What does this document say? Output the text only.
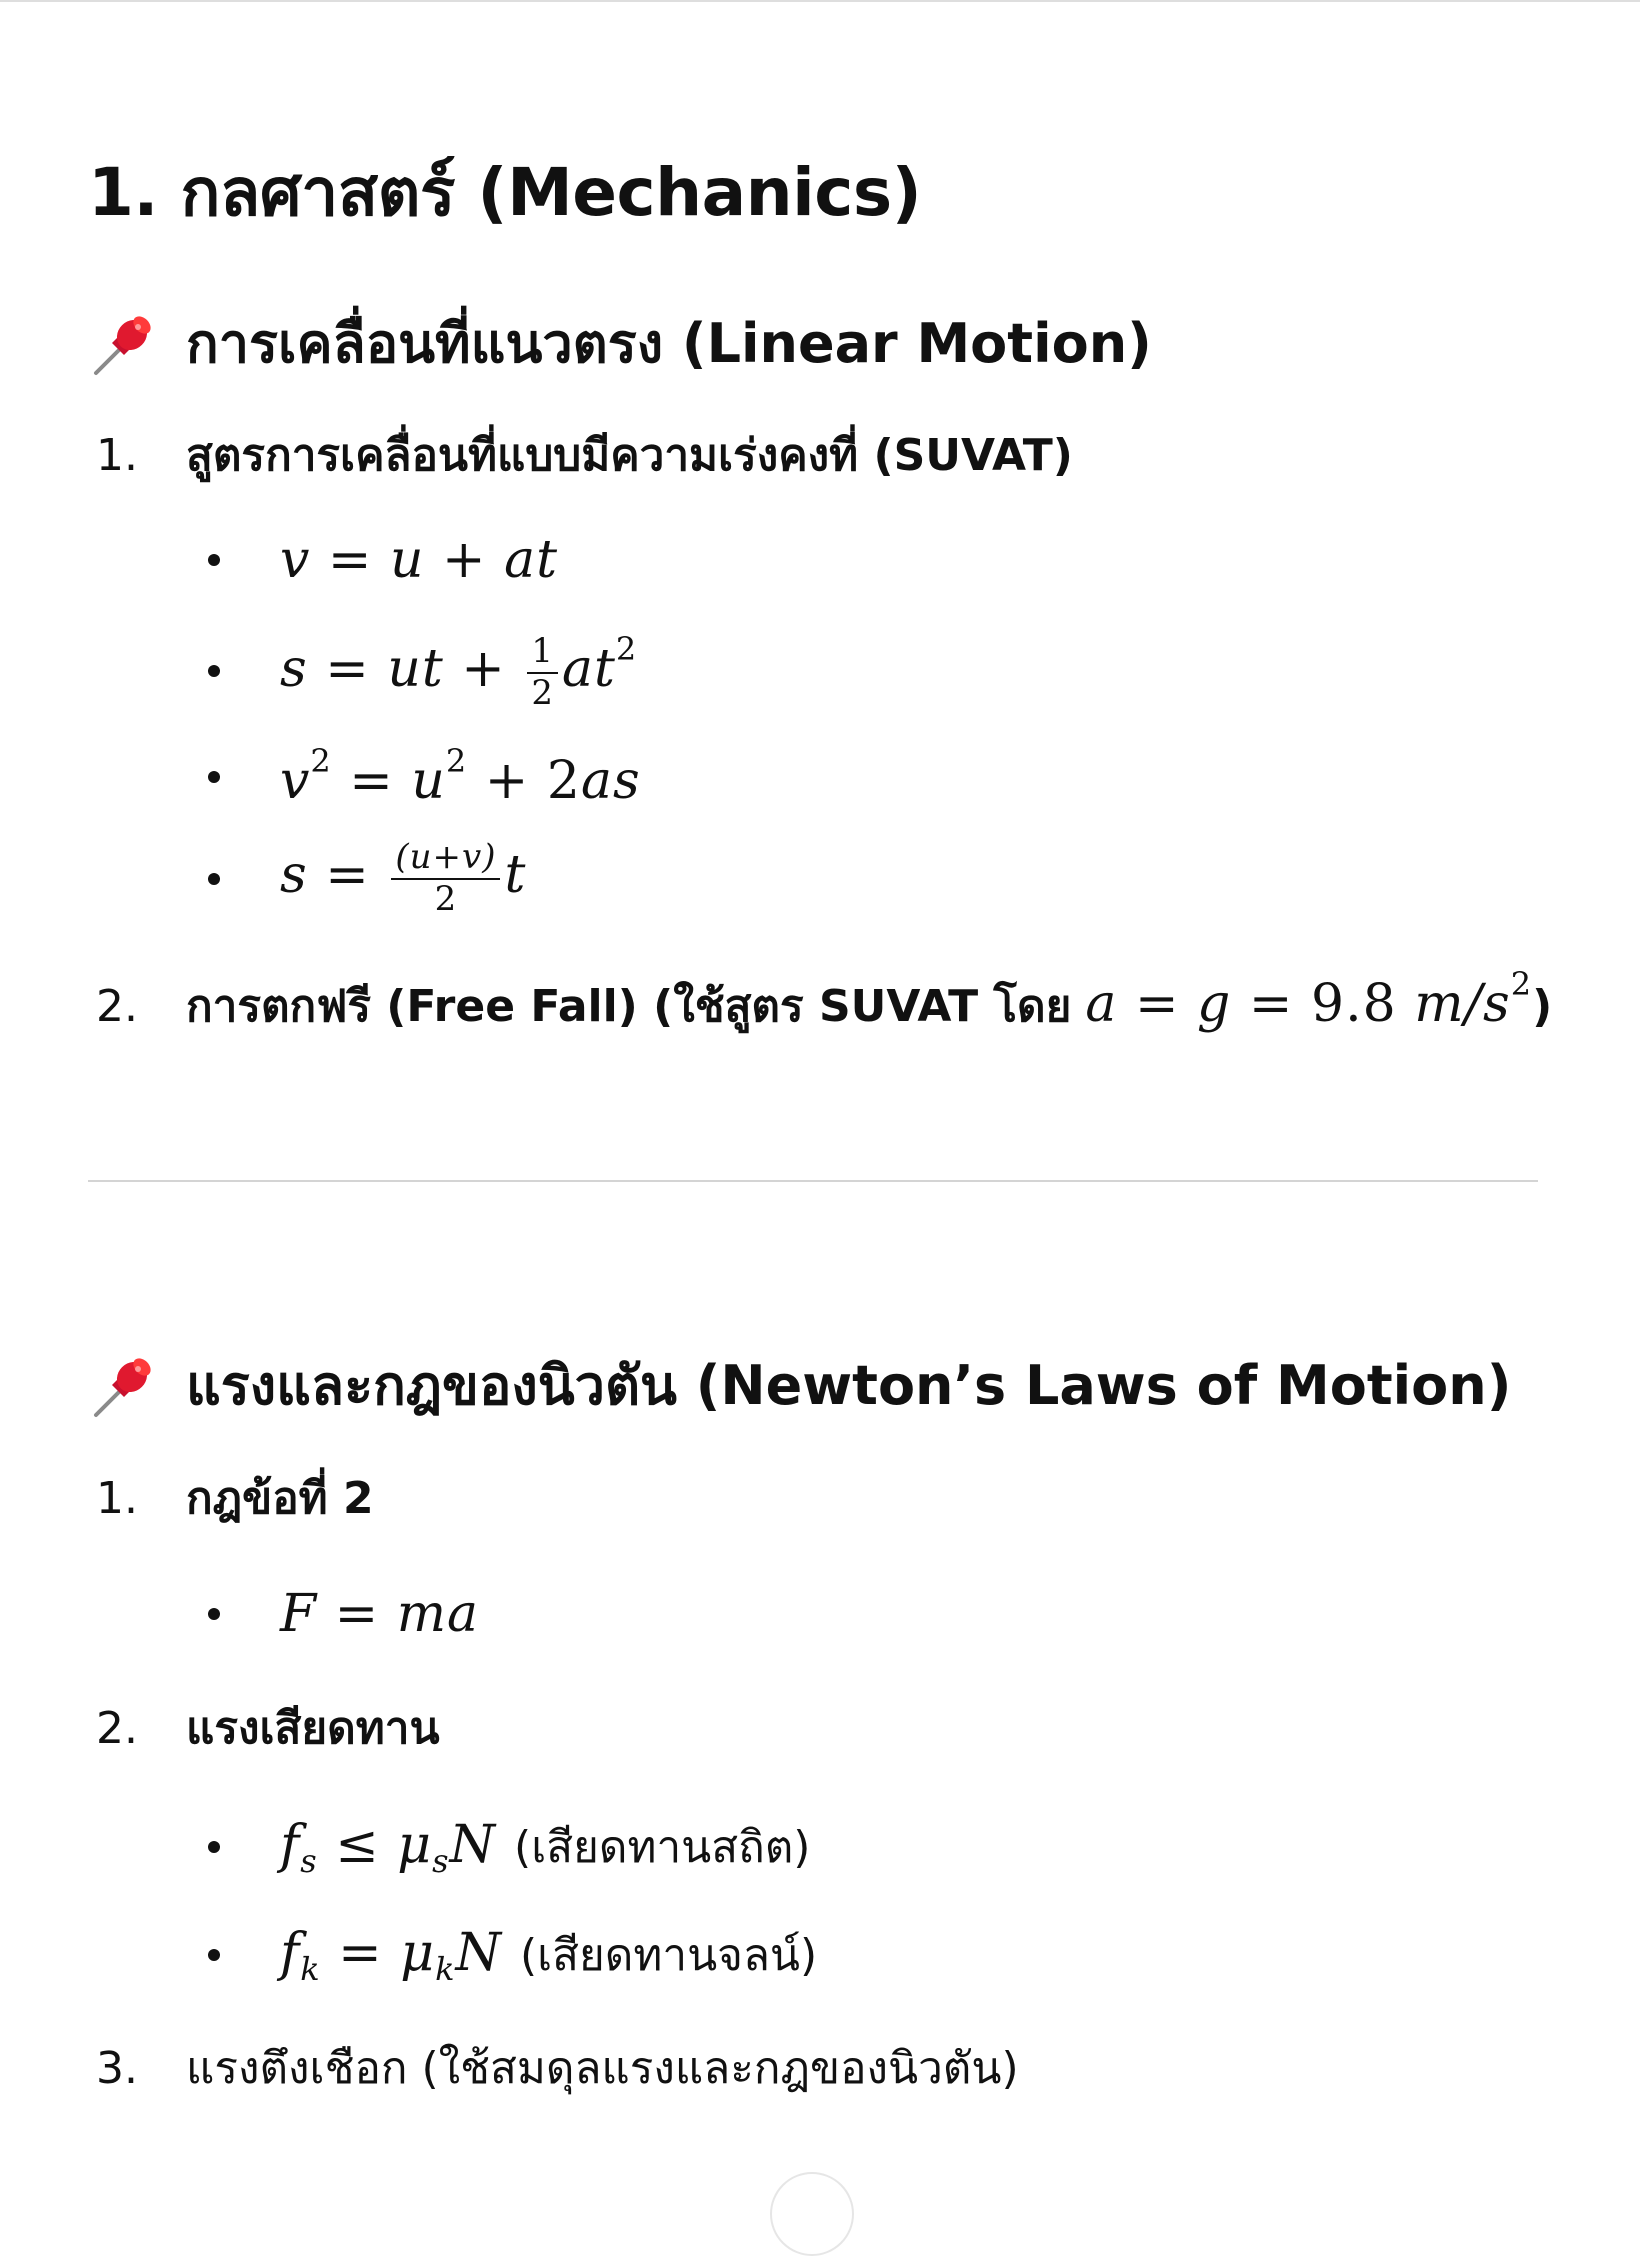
1. กลศาสตร์ (Mechanics)
การเคลื่อนที่แนวตรง (Linear Motion)
1.	สูตรการเคลื่อนที่แบบมีความเร่งคงที่ (SUVAT)
v = u + at
s = ut + $\frac{1}{2} at^2$
$v^2 = u^2 + 2as$
$s = \frac{(u+v)}{2}$ t
2.	การตกฟรี (Free Fall) (ใช้สูตร SUVAT โดย a = g = 9.8 $m/s^2$ )
แรงและกฎของนิวตัน (Newton’s Laws of Motion)
1.	กฎข้อที่ 2
F = ma
2.	แรงเสียดทาน
$f_s \le \mu_sN$ (เสียดทานสถิต)
$f_k = \mu_kN$ (เสียดทานจลน์)
3.	แรงตึงเชือก (ใช้สมดุลแรงและกฎของนิวตัน)
